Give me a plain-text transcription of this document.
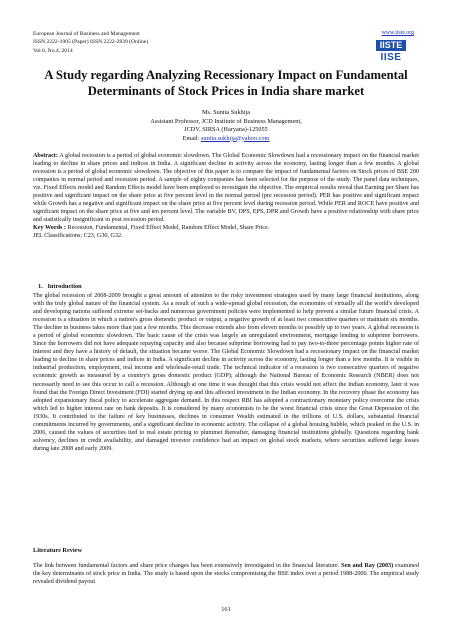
European Journal of Business and Management
ISSN 2222-1905 (Paper) ISSN 2222-2839 (Online)
Vol.6, No.4, 2014
www.iiste.org
IISTE
IISE
A Study regarding Analyzing Recessionary Impact on Fundamental Determinants of Stock Prices in India share market
Ms. Sunita Sukhija
Assistant Professor, JCD Institute of Business Management,
JCDV, SIRSA (Haryana)-125055
Email: sunita.sukhija@yahoo.com

Abstract: A global recession is a period of global economic slowdown. The Global Economic Slowdown had a recessionary impact on the financial market leading to decline in share prices and indices in India. A significant decline in activity across the economy, lasting longer than a few months. A global recession is a period of global economic slowdown. The objective of this paper is to compare the impact of fundamental factors on Stock prices of BSE 200 companies in normal period and recession period. A sample of eighty companies has been selected for the purpose of the study. The panel data techniques, viz. Fixed Effects model and Random Effects model have been employed to investigate the objective. The empirical results reveal that Earning per Share has positive and significant impact on the share price at five percent level in the normal period (pre recession period). PER has positive and significant impact while Growth has a negative and significant impact on the share price at five percent level during recession period. While PER and ROCE have positive and significant impact on the share price at five and ten percent level. The variable BV, DPS, EPS, DPR and Growth have a positive relationship with share price and statistically insignificant in post recession period.

Key Words : Recession, Fundamental, Fixed Effect Model, Random Effect Model, Share Price.

JEL Classifications: C23, G30, G32.

1.   Introduction

The global recession of 2008-2009 brought a great amount of attention to the risky investment strategies used by many large financial institutions, along with the truly global nature of the financial system. As a result of such a wide-spread global recession, the economies of virtually all the world's developed and developing nations suffered extreme set-backs and numerous government policies were implemented to help prevent a similar future financial crisis. A recession is a situation in which a nation's gross domestic product or output, a negative growth of at least two consecutive quarters or maintain six months. The decline in business takes more than just a few months. This decrease extends also from eleven months to possibly up to two years. A global recession is a period of global economic slowdown. The basic cause of the crisis was largely an unregulated environment, mortgage lending to subprime borrowers. Since the borrowers did not have adequate repaying capacity and also because subprime borrowing had to pay two-to-three percentage points higher rate of interest and they have a history of default, the situation became worse. The Global Economic Slowdown had a recessionary impact on the financial market leading to decline in share prices and indices in India. A significant decline in activity across the economy, lasting longer than a few months. It is visible in industrial production, employment, real income and wholesale-retail trade. The technical indicator of a recession is two consecutive quarters of negative economic growth as measured by a country's gross domestic product (GDP); although the National Bureau of Economic Research (NBER) does not necessarily need to see this occur to call a recession. Although at one time it was thought that this crisis would not affect the Indian economy, later it was found that the Foreign Direct Investment (FDI) started drying up and this affected investment in the Indian economy. In the recovery phase the economy has adopted expansionary fiscal policy to accelerate aggregate demand. In this respect RBI has adopted a contractionary monetary policy overcome the crisis which led to higher interest rate on bank deposits. It is considered by many economists to be the worst financial crisis since the Great Depression of the 1930s. It contributed to the failure of key businesses, declines in consumer Wealth estimated in the trillions of U.S. dollars, substantial financial commitments incurred by governments, and a significant decline in economic activity. The collapse of a global housing bubble, which peaked in the U.S. in 2006, caused the values of securities tied to real estate pricing to plummet thereafter, damaging financial institutions globally. Questions regarding bank solvency, declines in credit availability, and damaged investor confidence had an impact on global stock markets, where securities suffered large losses during late 2008 and early 2009.

Literature Review

The link between fundamental factors and share price changes has been extensively investigated in the financial literature. Sen and Ray (2003) examined the key determinants of stock price in India. The study is based upon the stocks compromising the BSE index over a period 1988-2000. The empirical study revealed dividend payout

161
